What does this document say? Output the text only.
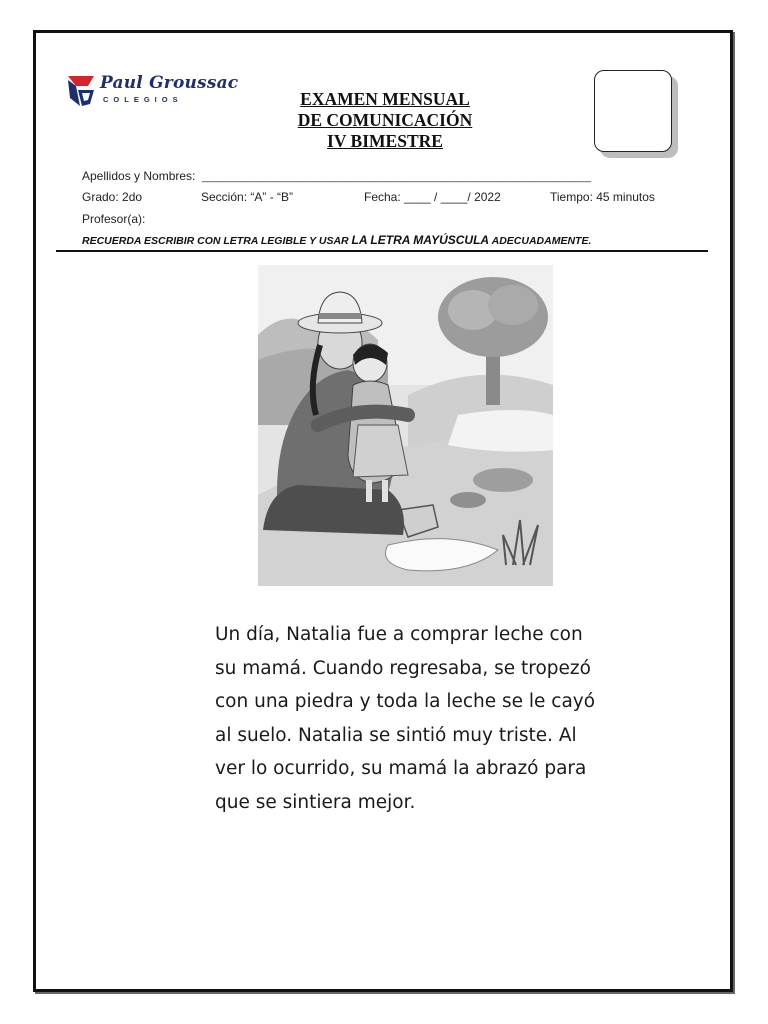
Paul Groussac
COLEGIOS	EXAMEN MENSUAL
DE COMUNICACIÓN
IV BIMESTRE
Apellidos y Nombres: ______________________________________________________________________
Grado: 2do	Sección: “A” - “B”	Fecha: ____ / ____/ 2022	Tiempo: 45 minutos
Profesor(a):
RECUERDA ESCRIBIR CON LETRA LEGIBLE Y USAR LA LETRA MAYÚSCULA ADECUADAMENTE.

Un día, Natalia fue a comprar leche con

su mamá. Cuando regresaba, se tropezó

con una piedra y toda la leche se le cayó

al suelo. Natalia se sintió muy triste. Al

ver lo ocurrido, su mamá la abrazó para

que se sintiera mejor.
